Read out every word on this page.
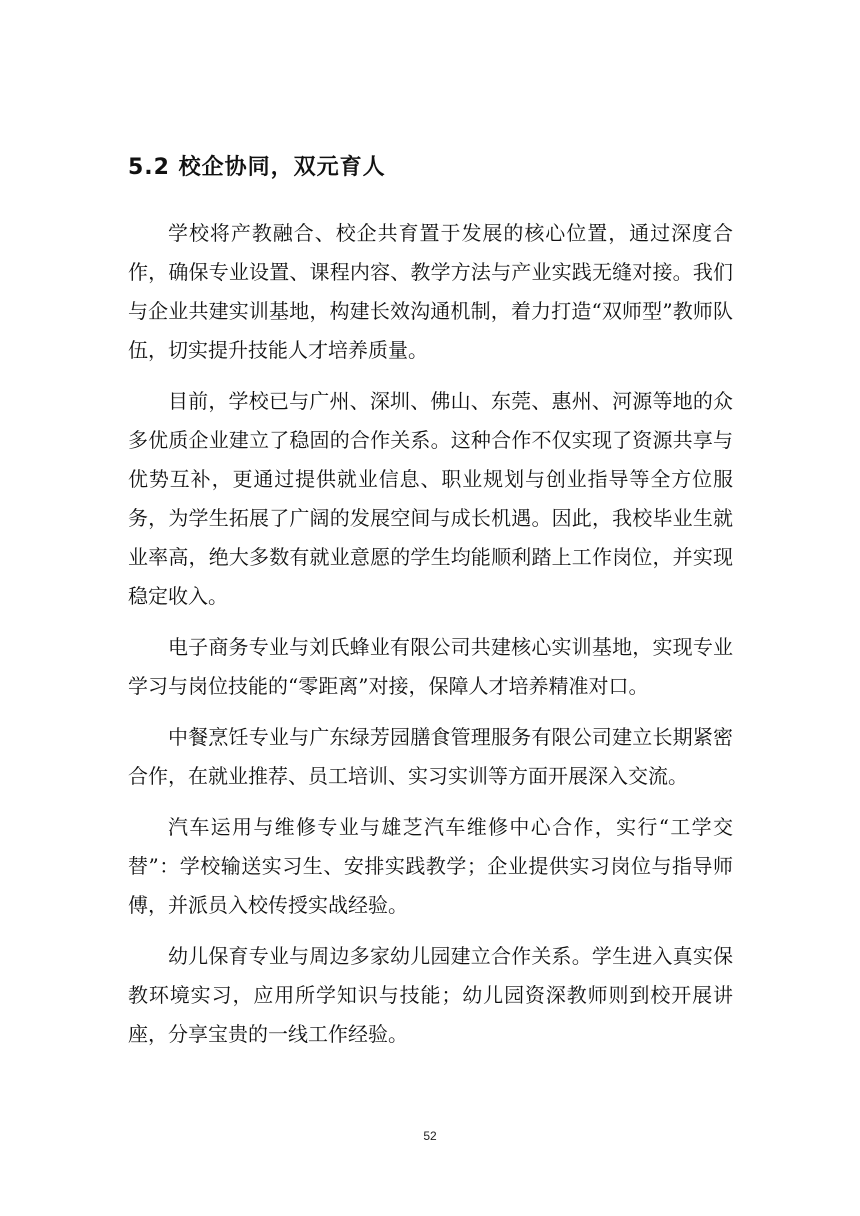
5.2 校企协同，双元育人

学校将产教融合、校企共育置于发展的核心位置，通过深度合作，确保专业设置、课程内容、教学方法与产业实践无缝对接。我们与企业共建实训基地，构建长效沟通机制，着力打造“双师型”教师队伍，切实提升技能人才培养质量。

目前，学校已与广州、深圳、佛山、东莞、惠州、河源等地的众多优质企业建立了稳固的合作关系。这种合作不仅实现了资源共享与优势互补，更通过提供就业信息、职业规划与创业指导等全方位服务，为学生拓展了广阔的发展空间与成长机遇。因此，我校毕业生就业率高，绝大多数有就业意愿的学生均能顺利踏上工作岗位，并实现稳定收入。

电子商务专业与刘氏蜂业有限公司共建核心实训基地，实现专业学习与岗位技能的“零距离”对接，保障人才培养精准对口。

中餐烹饪专业与广东绿芳园膳食管理服务有限公司建立长期紧密合作，在就业推荐、员工培训、实习实训等方面开展深入交流。

汽车运用与维修专业与雄芝汽车维修中心合作，实行“工学交替”：学校输送实习生、安排实践教学；企业提供实习岗位与指导师傅，并派员入校传授实战经验。

幼儿保育专业与周边多家幼儿园建立合作关系。学生进入真实保教环境实习，应用所学知识与技能；幼儿园资深教师则到校开展讲座，分享宝贵的一线工作经验。

52
